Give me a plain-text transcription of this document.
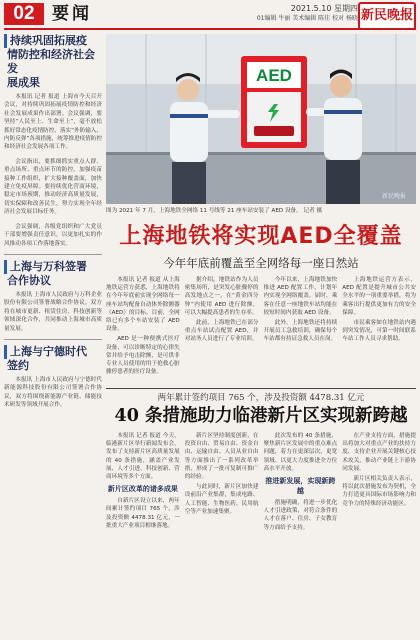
02	要闻	2021.5.10 星期四
01编辑 牛丽 美术编辑 陈佳 校对 杨晓 新民晚报
持续巩固拓展疫
情防控和经济社会发
展成果

本报讯 记者 报道 上海市今天召开会议，对持续巩固拓展疫情防控和经济社会发展成果作出部署。会议强调，要坚持“人民至上、生命至上”，毫不放松抓好常态化疫情防控，落实“外防输入、内防反弹”各项措施，统筹推进疫情防控和经济社会发展各项工作。

会议指出，要抓细抓实重点人群、重点场所、重点环节的防控，加强疫苗接种工作组织，扩大接种覆盖面，加快建立免疫屏障。要持续优化营商环境，稳定市场预期，推动经济高质量发展，切实保障和改善民生，努力实现全年经济社会发展目标任务。

会议强调，各级党组织和广大党员干部要增强责任意识，以更加扎实的作风推动各项工作落地落实。

上海与万科签署
合作协议

本报讯 上海市人民政府与万科企业股份有限公司签署战略合作协议。双方将在城市更新、租赁住房、科技创新等领域深化合作，共同推动上海城市高质量发展。

上海与宁德时代
签约

本报讯 上海市人民政府与宁德时代新能源科技股份有限公司签署合作协议，双方将围绕新能源产业链、储能技术研发等领域开展合作。

AED
新民晚报
图为 2021 年 7 月，上海地铁全网络 11 号线等 21 座车站安装了 AED 设备。 记者 摄
上海地铁将实现AED全覆盖
今年年底前覆盖至全网络每一座日然站

本报讯 记者 报道 从上海地铁运营方获悉，上海地铁将在今年年底前实现全网络每一座车站均配备自动体外除颤器（AED）的目标。目前，全网络已有多个车站安装了 AED 设备。

AED 是一种便携式医疗设备，可以诊断特定的心律失常并给予电击除颤，是可供非专业人员使用的用于抢救心脏骤停患者的医疗设备。

据介绍，地铁站作为人员密集场所，是突发心脏骤停的高发地点之一。在“黄金四分钟”内使用 AED 进行除颤，可以大幅提高患者的生存率。

此前，上海地铁已在部分重点车站试点配置 AED，并对站务人员进行了专业培训。

今年以来，上海地铁加快推进 AED 配置工作，计划年内实现全网络覆盖。届时，乘客在任意一座地铁车站均能在较短时间内获取 AED 设备。

此外，上海地铁还将持续开展员工急救培训，确保每个车站都有持证急救人员在岗。

上海地铁运营方表示，AED 配置是提升城市公共安全水平的一项重要举措，将为乘客出行提供更加有力的安全保障。

市民乘客如在地铁站内遇到突发情况，可第一时间联系车站工作人员寻求帮助。

两年累计签约项目 765 个，涉及投资额 4478.31 亿元
40 条措施助力临港新片区实现新跨越

本报讯 记者 报道 今天，临港新片区举行新闻发布会，发布了支持新片区高质量发展的 40 条措施，涵盖产业发展、人才引进、科技创新、营商环境等多个方面。

新片区改革的诸多成果

自新片区设立以来，两年间累计签约项目 765 个，涉及投资额 4478.31 亿元，一批重大产业项目相继落地。

新片区坚持制度创新，在投资自由、贸易自由、资金自由、运输自由、人员从业自由等方面推出了一系列改革举措，形成了一批可复制可推广的经验。

与此同时，新片区加快建设前沿产业集群，集成电路、人工智能、生物医药、民用航空等产业加速集聚。

此次发布的 40 条措施，聚焦新片区发展中的重点难点问题，着力在更深层次、更宽领域、以更大力度推进全方位高水平开放。

推进新发展，实现新跨越

措施明确，将进一步优化人才引进政策，对符合条件的人才在落户、住房、子女教育等方面给予支持。

在产业支持方面，措施提出将加大对重点产业的扶持力度，支持企业开展关键核心技术攻关，推动产业链上下游协同发展。

新片区相关负责人表示，将以此次措施发布为契机，全力打造更具国际市场影响力和竞争力的特殊经济功能区。
